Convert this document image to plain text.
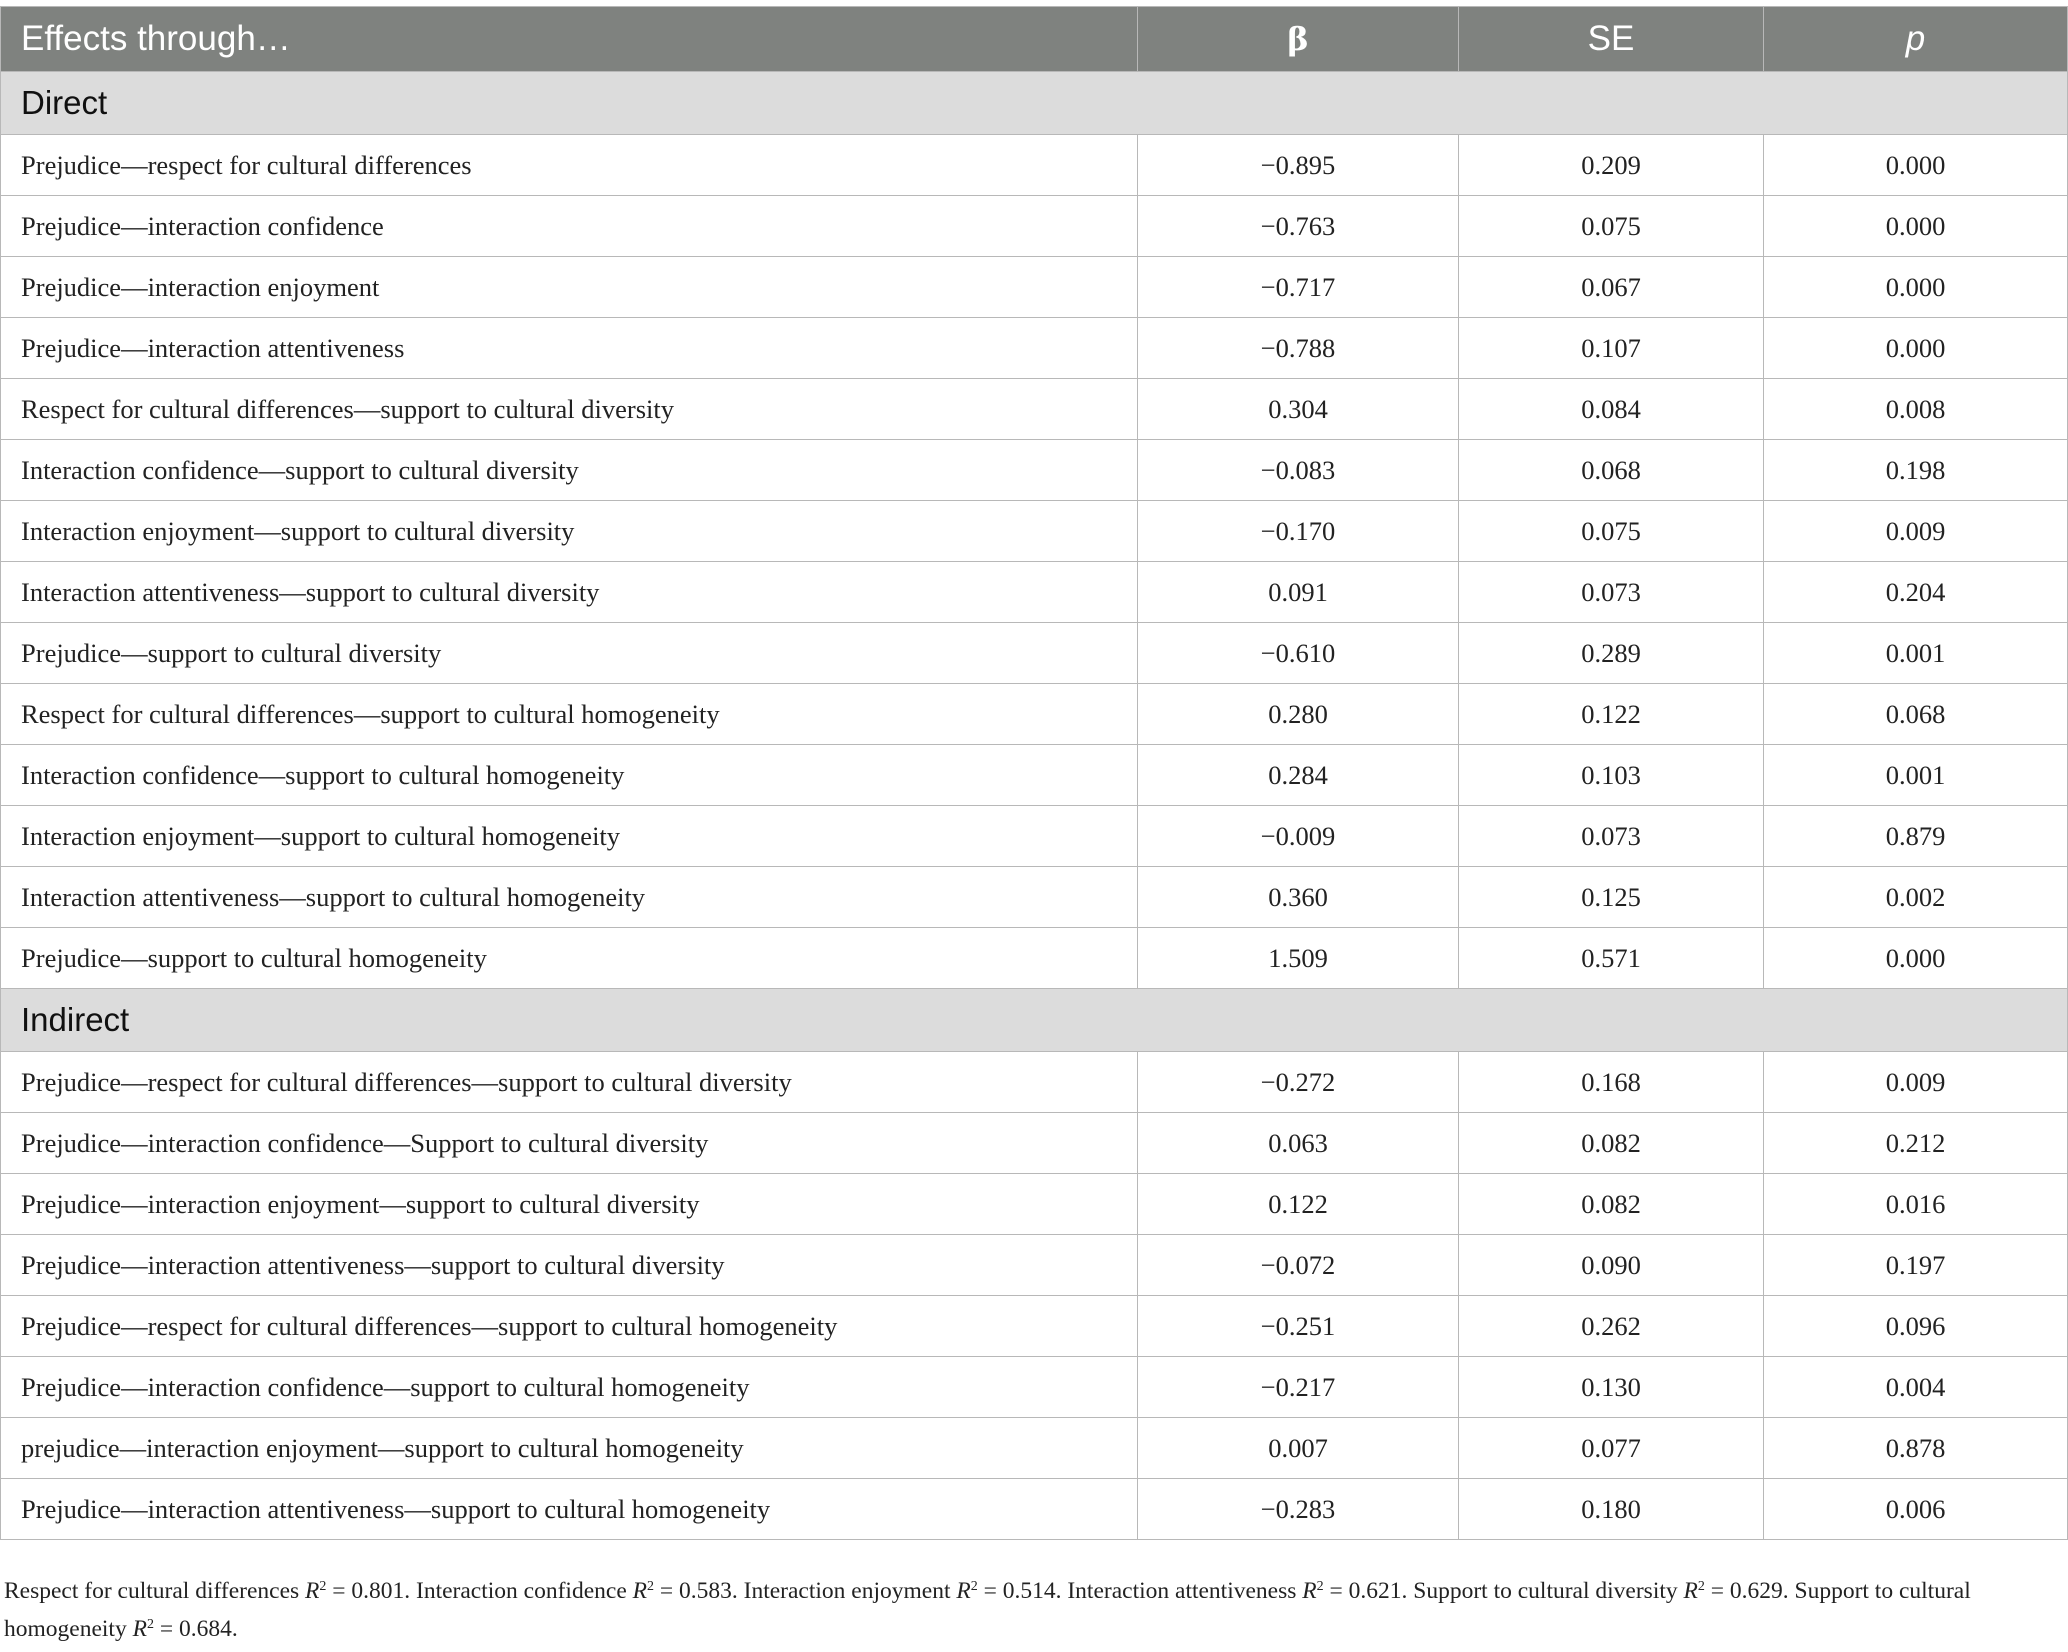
Effects through…	β	SE	p
Direct			
Prejudice—respect for cultural differences	−0.895	0.209	0.000
Prejudice—interaction confidence	−0.763	0.075	0.000
Prejudice—interaction enjoyment	−0.717	0.067	0.000
Prejudice—interaction attentiveness	−0.788	0.107	0.000
Respect for cultural differences—support to cultural diversity	0.304	0.084	0.008
Interaction confidence—support to cultural diversity	−0.083	0.068	0.198
Interaction enjoyment—support to cultural diversity	−0.170	0.075	0.009
Interaction attentiveness—support to cultural diversity	0.091	0.073	0.204
Prejudice—support to cultural diversity	−0.610	0.289	0.001
Respect for cultural differences—support to cultural homogeneity	0.280	0.122	0.068
Interaction confidence—support to cultural homogeneity	0.284	0.103	0.001
Interaction enjoyment—support to cultural homogeneity	−0.009	0.073	0.879
Interaction attentiveness—support to cultural homogeneity	0.360	0.125	0.002
Prejudice—support to cultural homogeneity	1.509	0.571	0.000
Indirect			
Prejudice—respect for cultural differences—support to cultural diversity	−0.272	0.168	0.009
Prejudice—interaction confidence—Support to cultural diversity	0.063	0.082	0.212
Prejudice—interaction enjoyment—support to cultural diversity	0.122	0.082	0.016
Prejudice—interaction attentiveness—support to cultural diversity	−0.072	0.090	0.197
Prejudice—respect for cultural differences—support to cultural homogeneity	−0.251	0.262	0.096
Prejudice—interaction confidence—support to cultural homogeneity	−0.217	0.130	0.004
prejudice—interaction enjoyment—support to cultural homogeneity	0.007	0.077	0.878
Prejudice—interaction attentiveness—support to cultural homogeneity	−0.283	0.180	0.006
Respect for cultural differences $R^2 = 0.801$. Interaction confidence $R^2 = 0.583$. Interaction enjoyment $R^2 = 0.514$. Interaction attentiveness $R^2 = 0.621$. Support to cultural diversity $R^2 = 0.629$. Support to cultural homogeneity $R^2 = 0.684$.
